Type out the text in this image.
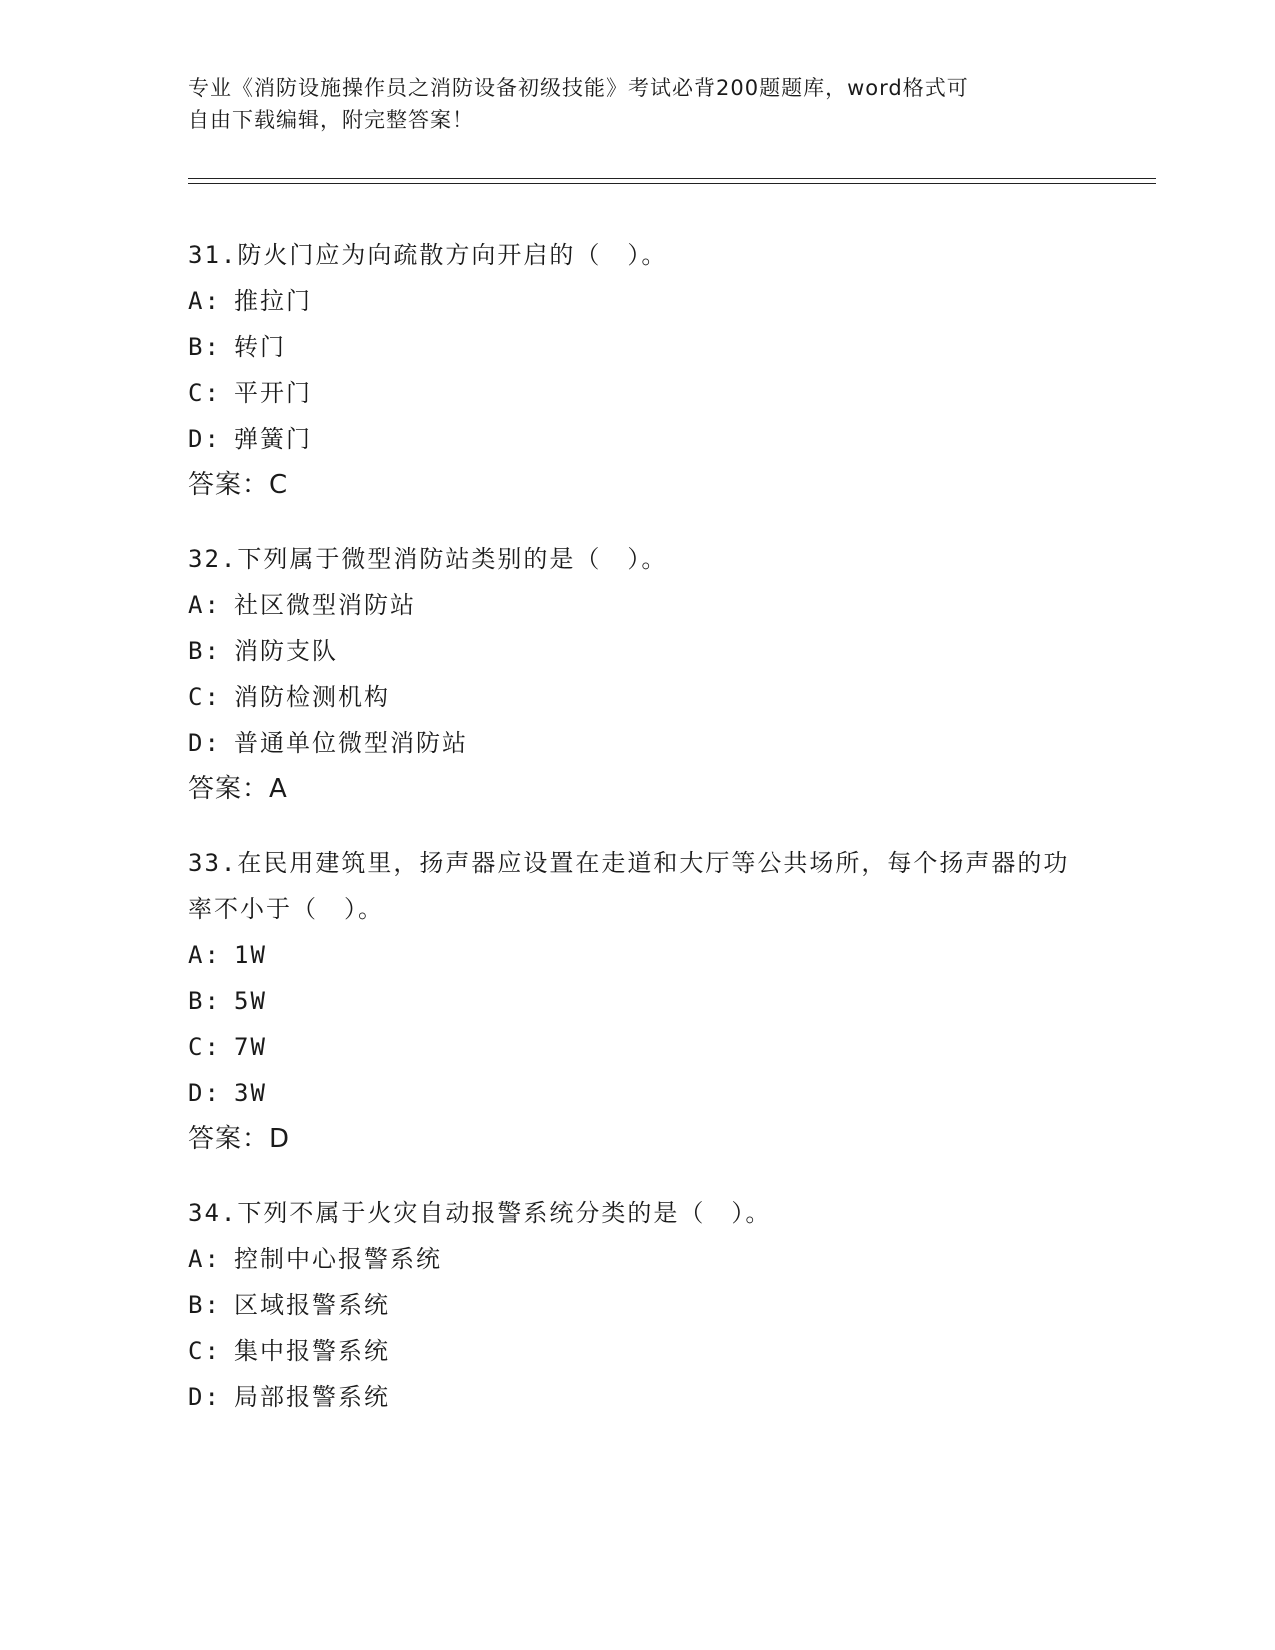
专业《消防设施操作员之消防设备初级技能》考试必背200题题库，word格式可
自由下载编辑，附完整答案！
31.防火门应为向疏散方向开启的（　）。
A: 推拉门
B: 转门
C: 平开门
D: 弹簧门
答案：C
32.下列属于微型消防站类别的是（　）。
A: 社区微型消防站
B: 消防支队
C: 消防检测机构
D: 普通单位微型消防站
答案：A
33.在民用建筑里，扬声器应设置在走道和大厅等公共场所，每个扬声器的功率不小于（　）。
A: 1W
B: 5W
C: 7W
D: 3W
答案：D
34.下列不属于火灾自动报警系统分类的是（　）。
A: 控制中心报警系统
B: 区域报警系统
C: 集中报警系统
D: 局部报警系统
